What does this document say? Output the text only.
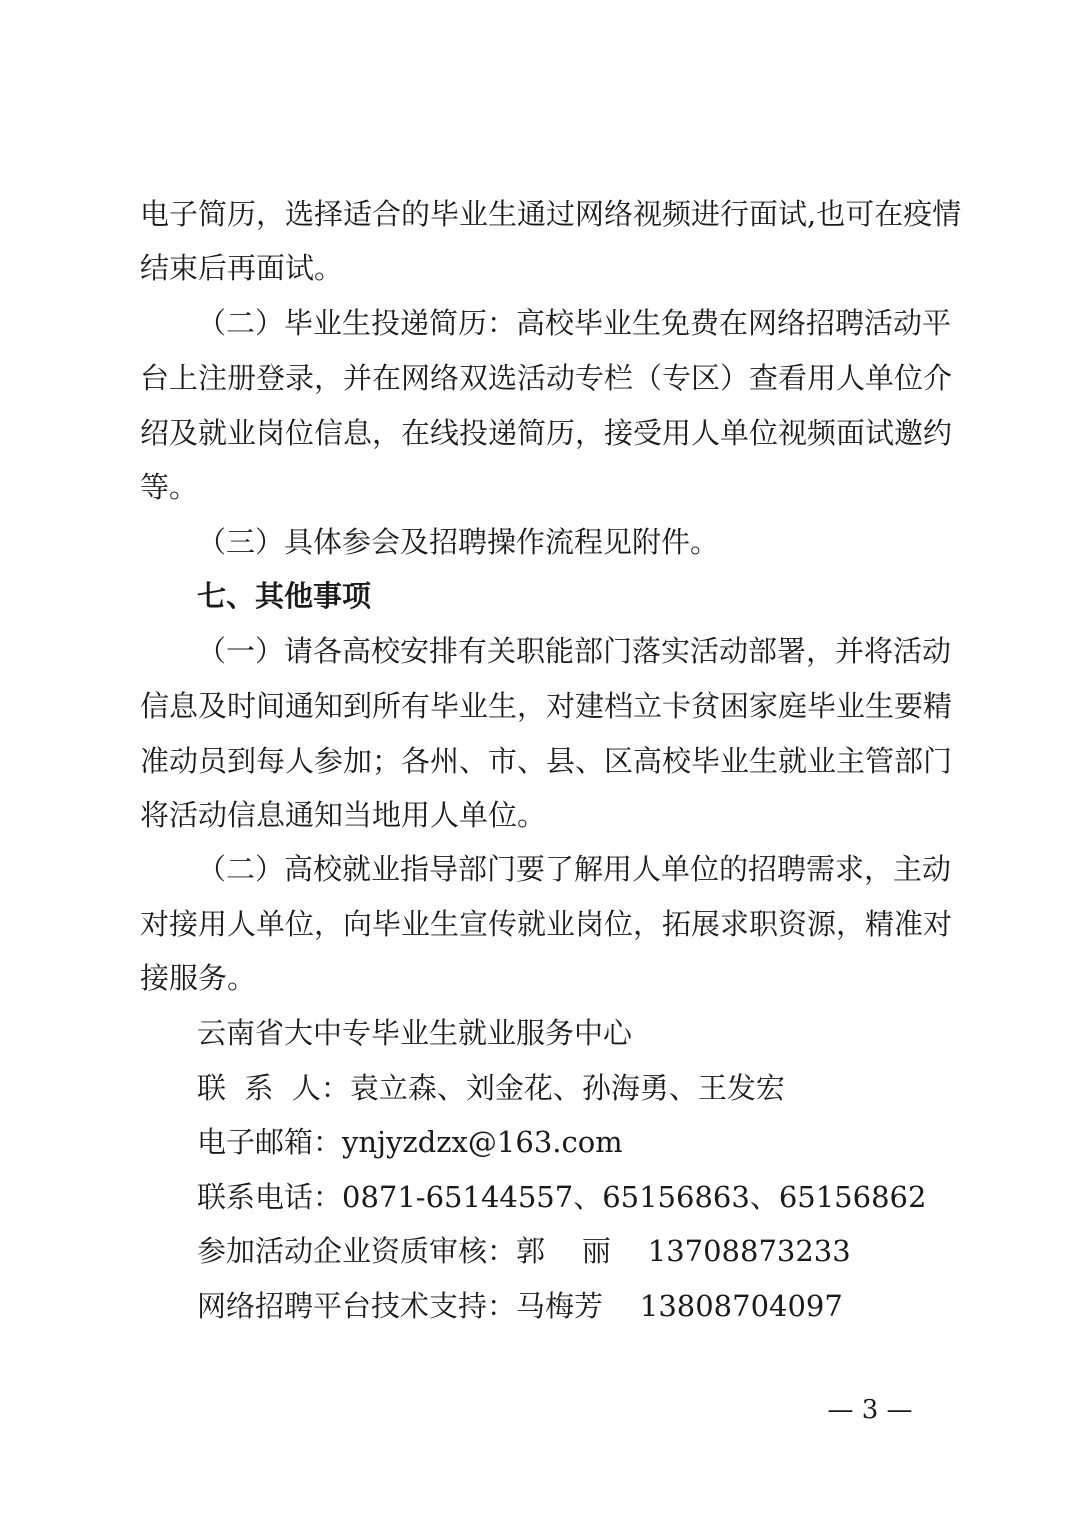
电子简历，选择适合的毕业生通过网络视频进行面试,也可在疫情

结束后再面试。

（二）毕业生投递简历：高校毕业生免费在网络招聘活动平

台上注册登录，并在网络双选活动专栏（专区）查看用人单位介

绍及就业岗位信息，在线投递简历，接受用人单位视频面试邀约

等。

（三）具体参会及招聘操作流程见附件。

七、其他事项

（一）请各高校安排有关职能部门落实活动部署，并将活动

信息及时间通知到所有毕业生，对建档立卡贫困家庭毕业生要精

准动员到每人参加；各州、市、县、区高校毕业生就业主管部门

将活动信息通知当地用人单位。

（二）高校就业指导部门要了解用人单位的招聘需求，主动

对接用人单位，向毕业生宣传就业岗位，拓展求职资源，精准对

接服务。

云南省大中专毕业生就业服务中心

联  系  人：袁立森、刘金花、孙海勇、王发宏

电子邮箱：ynjyzdzx@163.com

联系电话：0871-65144557、65156863、65156862

参加活动企业资质审核：郭    丽    13708873233

网络招聘平台技术支持：马梅芳    13808704097

— 3 —
